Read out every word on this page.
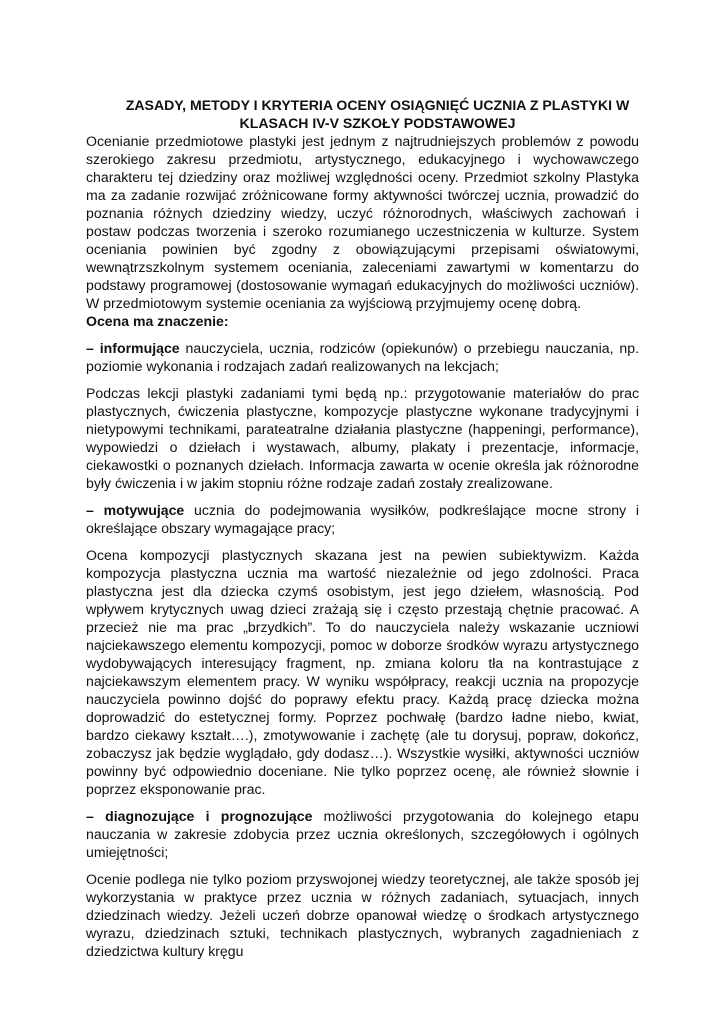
ZASADY, METODY I KRYTERIA OCENY OSIĄGNIĘĆ UCZNIA Z PLASTYKI W KLASACH IV-V SZKOŁY PODSTAWOWEJ

Ocenianie przedmiotowe plastyki jest jednym z najtrudniejszych problemów z powodu szerokiego zakresu przedmiotu, artystycznego, edukacyjnego i wychowawczego charakteru tej dziedziny oraz możliwej względności oceny. Przedmiot szkolny Plastyka ma za zadanie rozwijać zróżnicowane formy aktywności twórczej ucznia, prowadzić do poznania różnych dziedziny wiedzy, uczyć różnorodnych, właściwych zachowań i postaw podczas tworzenia i szeroko rozumianego uczestniczenia w kulturze. System oceniania powinien być zgodny z obowiązującymi przepisami oświatowymi, wewnątrzszkolnym systemem oceniania, zaleceniami zawartymi w komentarzu do podstawy programowej (dostosowanie wymagań edukacyjnych do możliwości uczniów). W przedmiotowym systemie oceniania za wyjściową przyjmujemy ocenę dobrą.

Ocena ma znaczenie:

– informujące nauczyciela, ucznia, rodziców (opiekunów) o przebiegu nauczania, np. poziomie wykonania i rodzajach zadań realizowanych na lekcjach;

Podczas lekcji plastyki zadaniami tymi będą np.: przygotowanie materiałów do prac plastycznych, ćwiczenia plastyczne, kompozycje plastyczne wykonane tradycyjnymi i nietypowymi technikami, parateatralne działania plastyczne (happeningi, performance), wypowiedzi o dziełach i wystawach, albumy, plakaty i prezentacje, informacje, ciekawostki o poznanych dziełach. Informacja zawarta w ocenie określa jak różnorodne były ćwiczenia i w jakim stopniu różne rodzaje zadań zostały zrealizowane.

– motywujące ucznia do podejmowania wysiłków, podkreślające mocne strony i określające obszary wymagające pracy;

Ocena kompozycji plastycznych skazana jest na pewien subiektywizm. Każda kompozycja plastyczna ucznia ma wartość niezależnie od jego zdolności. Praca plastyczna jest dla dziecka czymś osobistym, jest jego dziełem, własnością. Pod wpływem krytycznych uwag dzieci zrażają się i często przestają chętnie pracować. A przecież nie ma prac „brzydkich”. To do nauczyciela należy wskazanie uczniowi najciekawszego elementu kompozycji, pomoc w doborze środków wyrazu artystycznego wydobywających interesujący fragment, np. zmiana koloru tła na kontrastujące z najciekawszym elementem pracy. W wyniku współpracy, reakcji ucznia na propozycje nauczyciela powinno dojść do poprawy efektu pracy. Każdą pracę dziecka można doprowadzić do estetycznej formy. Poprzez pochwałę (bardzo ładne niebo, kwiat, bardzo ciekawy kształt….), zmotywowanie i zachętę (ale tu dorysuj, popraw, dokończ, zobaczysz jak będzie wyglądało, gdy dodasz…). Wszystkie wysiłki, aktywności uczniów powinny być odpowiednio doceniane. Nie tylko poprzez ocenę, ale również słownie i poprzez eksponowanie prac.

– diagnozujące i prognozujące możliwości przygotowania do kolejnego etapu nauczania w zakresie zdobycia przez ucznia określonych, szczegółowych i ogólnych umiejętności;

Ocenie podlega nie tylko poziom przyswojonej wiedzy teoretycznej, ale także sposób jej wykorzystania w praktyce przez ucznia w różnych zadaniach, sytuacjach, innych dziedzinach wiedzy. Jeżeli uczeń dobrze opanował wiedzę o środkach artystycznego wyrazu, dziedzinach sztuki, technikach plastycznych, wybranych zagadnieniach z dziedzictwa kultury kręgu
